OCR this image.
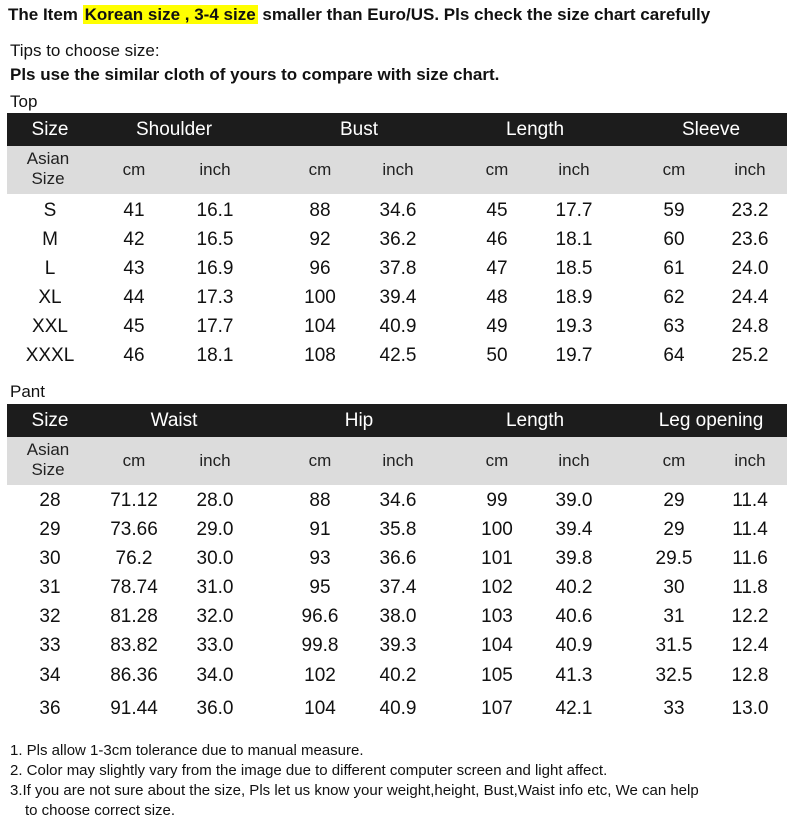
The Item Korean size , 3-4 size smaller than Euro/US. Pls check the size chart carefully
Tips to choose size:
Pls use the similar cloth of yours to compare with size chart.
Top
Size	Shoulder	Bust	Length	Sleeve
Asian
Size	cm	inch	cm	inch	cm	inch	cm	inch
S	41	16.1	88	34.6	45	17.7	59 23.2
M	42	16.5	92	36.2	46	18.1	60 23.6
L	43	16.9	96	37.8	47	18.5	61 24.0
XL	44	17.3	100 39.4	48	18.9	62 24.4
XXL	45	17.7	104 40.9	49	19.3	63 24.8
XXXL	46	18.1	108 42.5	50	19.7	64 25.2
Pant
Size	Waist	Hip	Length	Leg opening
Asian
Size	cm	inch	cm	inch	cm	inch	cm	inch
28	71.12 28.0	88	34.6	99	39.0	29	11.4
29	73.66 29.0	91	35.8	100 39.4	29	11.4
30	76.2 30.0	93	36.6	101 39.8	29.5 11.6
31	78.74 31.0	95	37.4	102 40.2	30	11.8
32	81.28 32.0	96.6 38.0	103 40.6	31 12.2
33	83.82 33.0	99.8 39.3	104 40.9	31.5 12.4
34	86.36 34.0	102 40.2	105 41.3	32.5 12.8
36	91.44 36.0	104 40.9	107 42.1	33 13.0
1. Pls allow 1-3cm tolerance due to manual measure.
2. Color may slightly vary from the image due to different computer screen and light affect.
3.If you are not sure about the size, Pls let us know your weight,height, Bust,Waist info etc, We can help
to choose correct size.
